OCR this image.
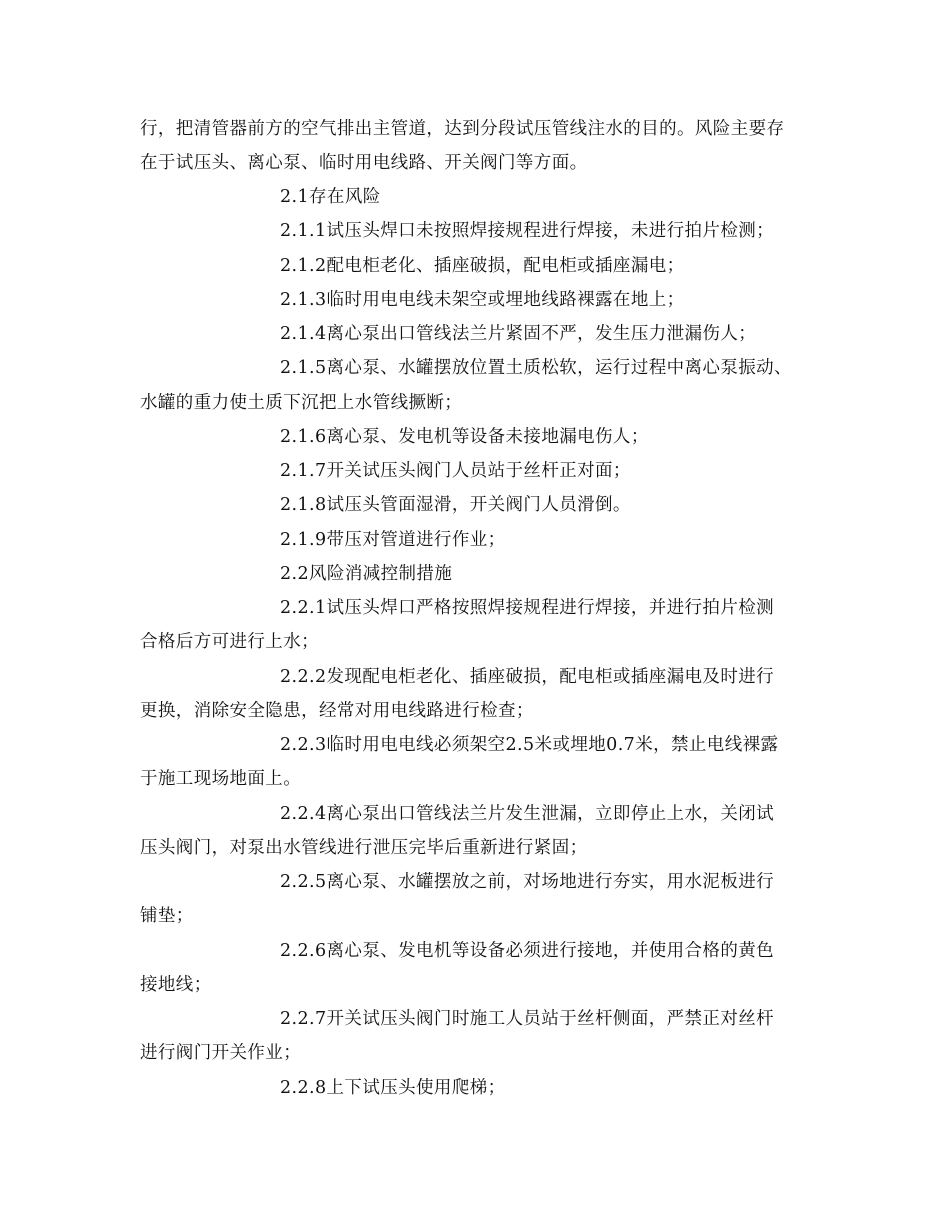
行，把清管器前方的空气排出主管道，达到分段试压管线注水的目的。风险主要存
在于试压头、离心泵、临时用电线路、开关阀门等方面。
2.1存在风险
2.1.1试压头焊口未按照焊接规程进行焊接，未进行拍片检测；
2.1.2配电柜老化、插座破损，配电柜或插座漏电；
2.1.3临时用电电线未架空或埋地线路裸露在地上；
2.1.4离心泵出口管线法兰片紧固不严，发生压力泄漏伤人；
2.1.5离心泵、水罐摆放位置土质松软，运行过程中离心泵振动、
水罐的重力使土质下沉把上水管线撅断；
2.1.6离心泵、发电机等设备未接地漏电伤人；
2.1.7开关试压头阀门人员站于丝杆正对面；
2.1.8试压头管面湿滑，开关阀门人员滑倒。
2.1.9带压对管道进行作业；
2.2风险消减控制措施
2.2.1试压头焊口严格按照焊接规程进行焊接，并进行拍片检测
合格后方可进行上水；
2.2.2发现配电柜老化、插座破损，配电柜或插座漏电及时进行
更换，消除安全隐患，经常对用电线路进行检查；
2.2.3临时用电电线必须架空2.5米或埋地0.7米，禁止电线裸露
于施工现场地面上。
2.2.4离心泵出口管线法兰片发生泄漏，立即停止上水，关闭试
压头阀门，对泵出水管线进行泄压完毕后重新进行紧固；
2.2.5离心泵、水罐摆放之前，对场地进行夯实，用水泥板进行
铺垫；
2.2.6离心泵、发电机等设备必须进行接地，并使用合格的黄色
接地线；
2.2.7开关试压头阀门时施工人员站于丝杆侧面，严禁正对丝杆
进行阀门开关作业；
2.2.8上下试压头使用爬梯；
